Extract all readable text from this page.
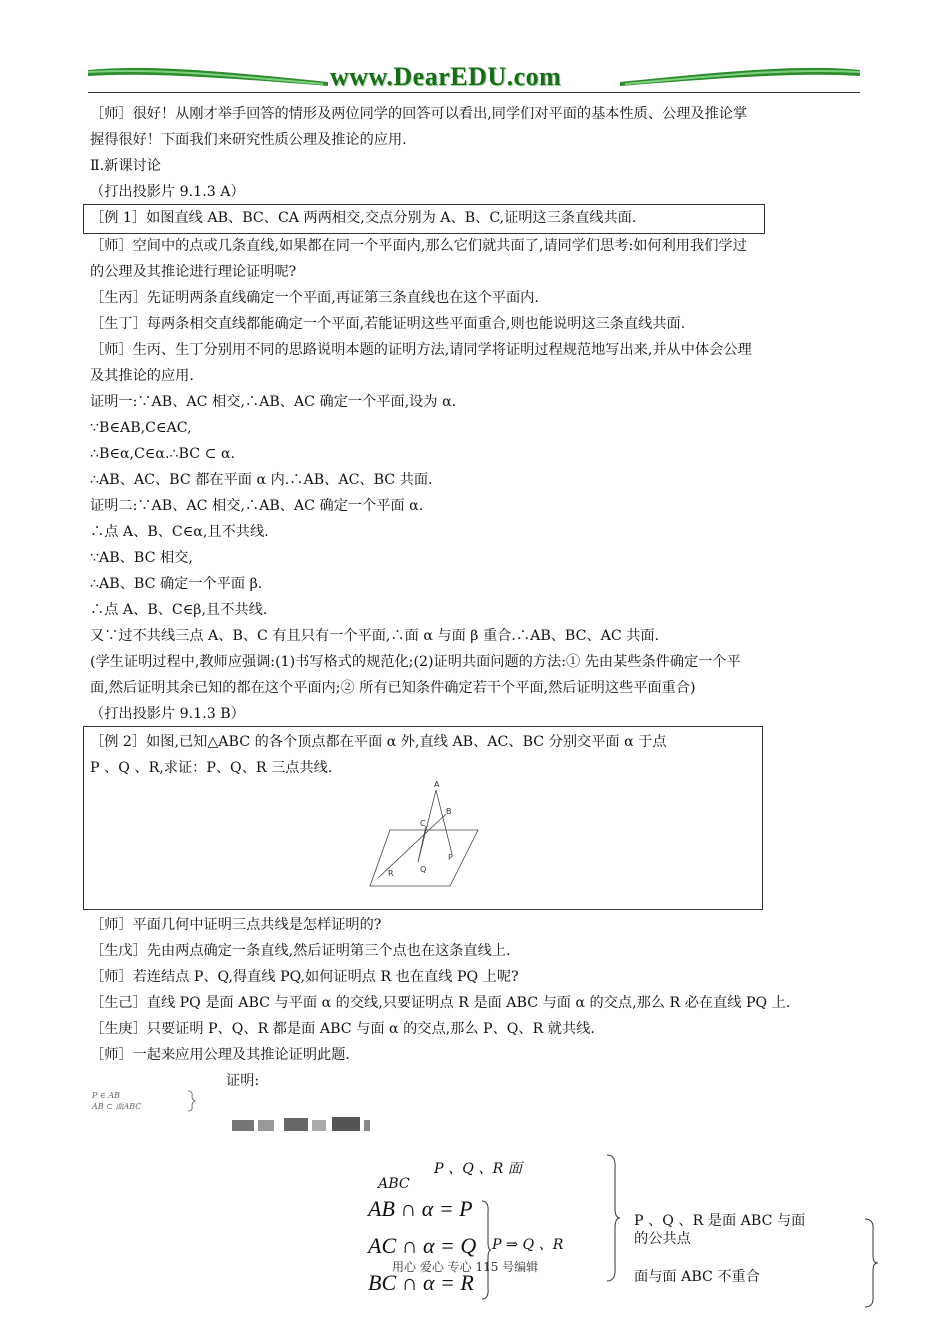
www.DearEDU.com
［师］很好！从刚才举手回答的情形及两位同学的回答可以看出,同学们对平面的基本性质、公理及推论掌
握得很好！下面我们来研究性质公理及推论的应用.
Ⅱ.新课讨论
（打出投影片 9.1.3 A）
［例 1］如图直线 AB、BC、CA 两两相交,交点分别为 A、B、C,证明这三条直线共面.
［师］空间中的点或几条直线,如果都在同一个平面内,那么它们就共面了,请同学们思考:如何利用我们学过
的公理及其推论进行理论证明呢?
［生丙］先证明两条直线确定一个平面,再证第三条直线也在这个平面内.
［生丁］每两条相交直线都能确定一个平面,若能证明这些平面重合,则也能说明这三条直线共面.
［师］生丙、生丁分别用不同的思路说明本题的证明方法,请同学将证明过程规范地写出来,并从中体会公理
及其推论的应用.
证明一:∵AB、AC 相交,∴AB、AC 确定一个平面,设为 α.
∵B∈AB,C∈AC,
∴B∈α,C∈α.∴BC ⊂ α.
∴AB、AC、BC 都在平面 α 内.∴AB、AC、BC 共面.
证明二:∵AB、AC 相交,∴AB、AC 确定一个平面 α.
∴点 A、B、C∈α,且不共线.
∵AB、BC 相交,
∴AB、BC 确定一个平面 β.
∴点 A、B、C∈β,且不共线.
又∵过不共线三点 A、B、C 有且只有一个平面,∴面 α 与面 β 重合.∴AB、BC、AC 共面.
(学生证明过程中,教师应强调:(1)书写格式的规范化;(2)证明共面问题的方法:① 先由某些条件确定一个平
面,然后证明其余已知的都在这个平面内;② 所有已知条件确定若干个平面,然后证明这些平面重合)
（打出投影片 9.1.3 B）
［例 2］如图,已知△ABC 的各个顶点都在平面 α 外,直线 AB、AC、BC 分别交平面 α 于点
P 、Q 、R,求证：P、Q、R 三点共线.
A
B
C
P
Q
R
［师］平面几何中证明三点共线是怎样证明的?
［生戊］先由两点确定一条直线,然后证明第三个点也在这条直线上.
［师］若连结点 P、Q,得直线 PQ,如何证明点 R 也在直线 PQ 上呢?
［生己］直线 PQ 是面 ABC 与平面 α 的交线,只要证明点 R 是面 ABC 与面 α 的交点,那么 R 必在直线 PQ 上.
［生庚］只要证明 P、Q、R 都是面 ABC 与面 α 的交点,那么 P、Q、R 就共线.
［师］一起来应用公理及其推论证明此题.
证明:
P ∈ AB
AB ⊂ 面ABC
P 、Q 、R 面
ABC
AB ∩ α = P
AC ∩ α = Q
BC ∩ α = R
P ⇒ Q 、R
P 、Q 、R 是面 ABC 与面
的公共点
面与面 ABC 不重合
用心 爱心 专心 115 号编辑
